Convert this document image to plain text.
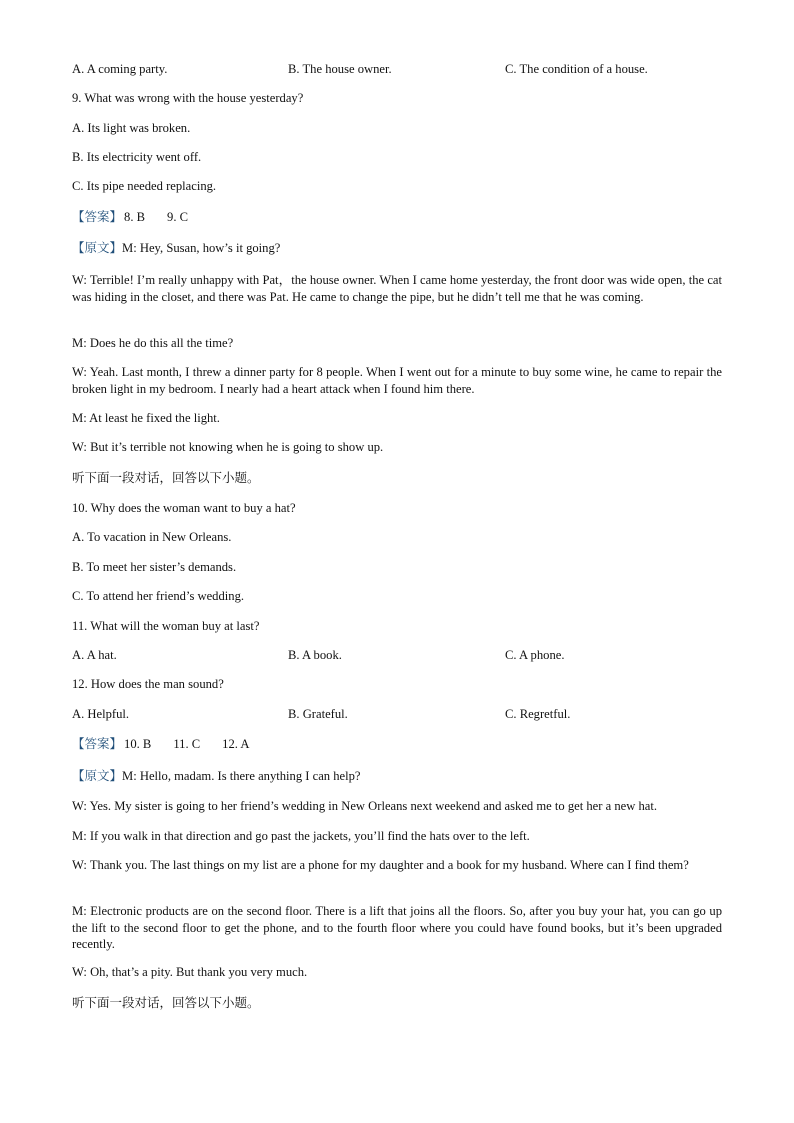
A. A coming party.	B. The house owner.	C. The condition of a house.
9. What was wrong with the house yesterday?
A. Its light was broken.
B. Its electricity went off.
C. Its pipe needed replacing.
【答案】 8. B 9. C
【原文】M: Hey, Susan, how’s it going?
W: Terrible! I’m really unhappy with Pat，the house owner. When I came home yesterday, the front door was wide open, the cat was hiding in the closet, and there was Pat. He came to change the pipe, but he didn’t tell me that he was coming.
M: Does he do this all the time?
W: Yeah. Last month, I threw a dinner party for 8 people. When I went out for a minute to buy some wine, he came to repair the broken light in my bedroom. I nearly had a heart attack when I found him there.
M: At least he fixed the light.
W: But it’s terrible not knowing when he is going to show up.
听下面一段对话，回答以下小题。
10. Why does the woman want to buy a hat?
A. To vacation in New Orleans.
B. To meet her sister’s demands.
C. To attend her friend’s wedding.
11. What will the woman buy at last?
A. A hat.	B. A book.	C. A phone.
12. How does the man sound?
A. Helpful.	B. Grateful.	C. Regretful.
【答案】 10. B 11. C 12. A
【原文】M: Hello, madam. Is there anything I can help?
W: Yes. My sister is going to her friend’s wedding in New Orleans next weekend and asked me to get her a new hat.
M: If you walk in that direction and go past the jackets, you’ll find the hats over to the left.
W: Thank you. The last things on my list are a phone for my daughter and a book for my husband. Where can I find them?
M: Electronic products are on the second floor. There is a lift that joins all the floors. So, after you buy your hat, you can go up the lift to the second floor to get the phone, and to the fourth floor where you could have found books, but it’s been upgraded recently.
W: Oh, that’s a pity. But thank you very much.
听下面一段对话，回答以下小题。
